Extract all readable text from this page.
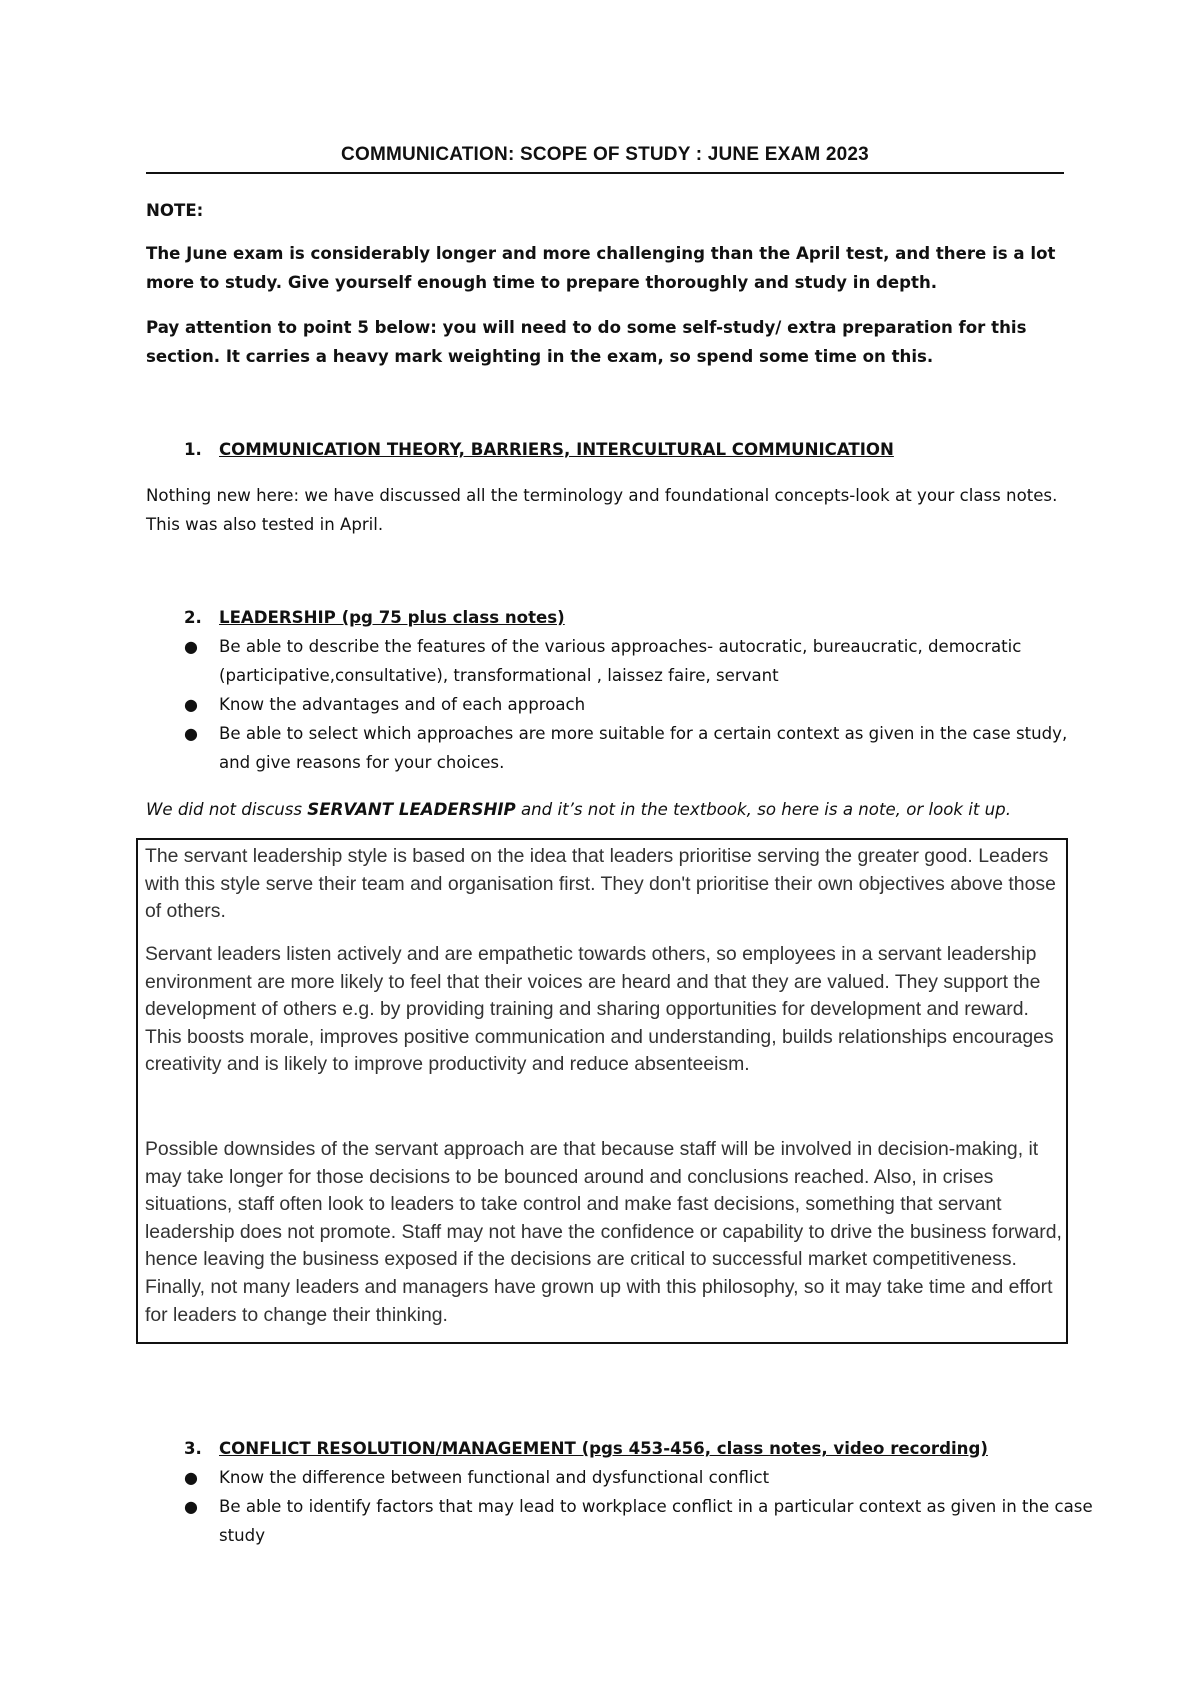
COMMUNICATION: SCOPE OF STUDY : JUNE EXAM 2023

NOTE:

The June exam is considerably longer and more challenging than the April test, and there is a lot more to study. Give yourself enough time to prepare thoroughly and study in depth.

Pay attention to point 5 below: you will need to do some self-study/ extra preparation for this section. It carries a heavy mark weighting in the exam, so spend some time on this.

1.	COMMUNICATION THEORY, BARRIERS, INTERCULTURAL COMMUNICATION

Nothing new here: we have discussed all the terminology and foundational concepts-look at your class notes. This was also tested in April.

2.	LEADERSHIP (pg 75 plus class notes)
●	Be able to describe the features of the various approaches- autocratic, bureaucratic, democratic (participative,consultative), transformational , laissez faire, servant

●	Know the advantages and of each approach

●	Be able to select which approaches are more suitable for a certain context as given in the case study, and give reasons for your choices.

We did not discuss SERVANT LEADERSHIP and it’s not in the textbook, so here is a note, or look it up.

The servant leadership style is based on the idea that leaders prioritise serving the greater good. Leaders with this style serve their team and organisation first. They don't prioritise their own objectives above those of others.

Servant leaders listen actively and are empathetic towards others, so employees in a servant leadership environment are more likely to feel that their voices are heard and that they are valued. They support the development of others e.g. by providing training and sharing opportunities for development and reward. This boosts morale, improves positive communication and understanding, builds relationships encourages creativity and is likely to improve productivity and reduce absenteeism.

Possible downsides of the servant approach are that because staff will be involved in decision-making, it may take longer for those decisions to be bounced around and conclusions reached. Also, in crises situations, staff often look to leaders to take control and make fast decisions, something that servant leadership does not promote. Staff may not have the confidence or capability to drive the business forward, hence leaving the business exposed if the decisions are critical to successful market competitiveness. Finally, not many leaders and managers have grown up with this philosophy, so it may take time and effort for leaders to change their thinking.

3.	CONFLICT RESOLUTION/MANAGEMENT (pgs 453-456, class notes, video recording)
●	Know the difference between functional and dysfunctional conflict

●	Be able to identify factors that may lead to workplace conflict in a particular context as given in the case study
